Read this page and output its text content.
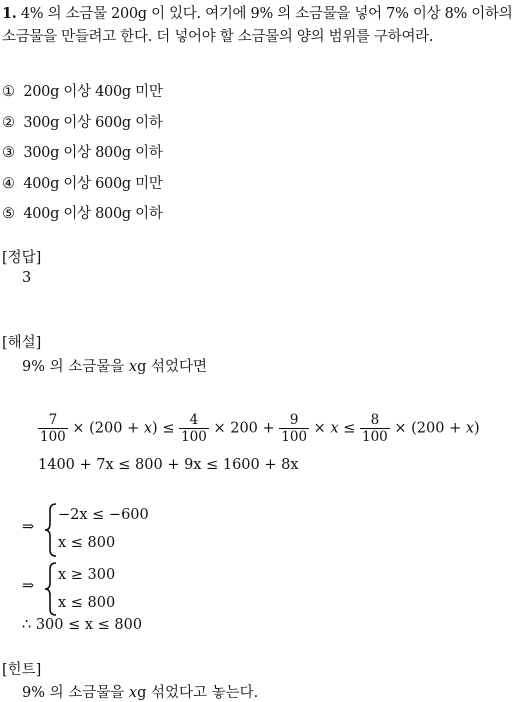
1. 4% 의 소금물 200g 이 있다. 여기에 9% 의 소금물을 넣어 7% 이상 8% 이하의
소금물을 만들려고 한다. 더 넣어야 할 소금물의 양의 범위를 구하여라.
① 200g 이상 400g 미만
② 300g 이상 600g 이하
③ 300g 이상 800g 이하
④ 400g 이상 600g 미만
⑤ 400g 이상 800g 이하
[정답]
3
[해설]
9% 의 소금물을 xg 섞었다면
$\frac{7}{100} \times (200 + x) \le \frac{4}{100} \times 200 + \frac{9}{100} \times x \le \frac{8}{100} \times (200 + x)$
1400 + 7x ≤ 800 + 9x ≤ 1600 + 8x
⇒
−2x ≤ −600
x ≤ 800
⇒
x ≥ 300
x ≤ 800
∴ 300 ≤ x ≤ 800
[힌트]
9% 의 소금물을 xg 섞었다고 놓는다.
